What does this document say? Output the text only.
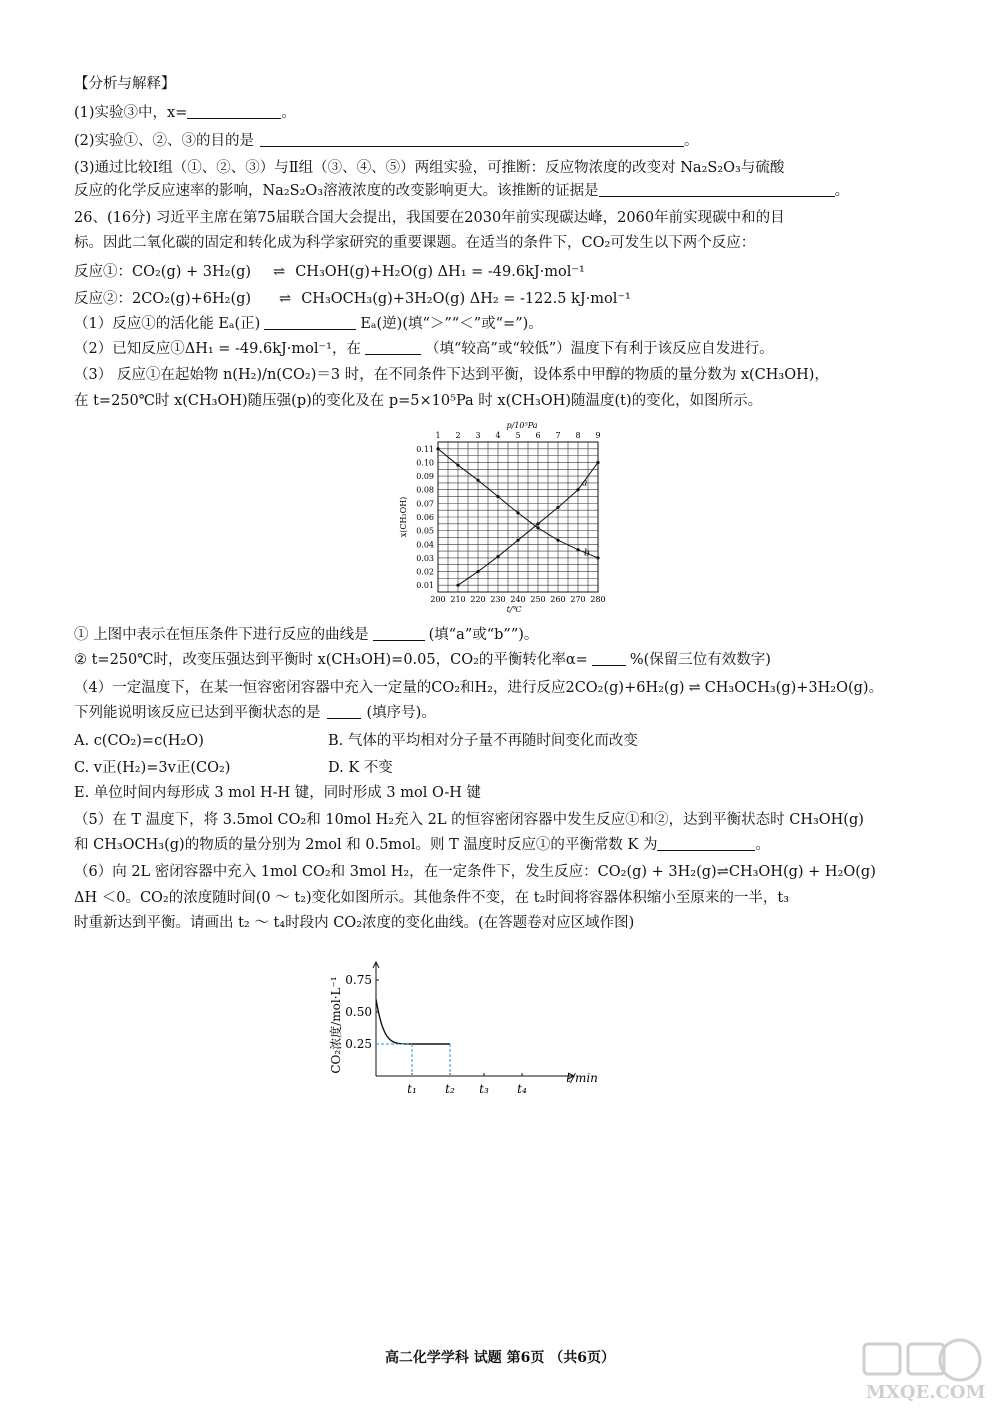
【分析与解释】
(1)实验③中，x=	。
(2)实验①、②、③的目的是	。
(3)通过比较Ⅰ组（①、②、③）与Ⅱ组（③、④、⑤）两组实验，可推断：反应物浓度的改变对 Na₂S₂O₃与硫酸
反应的化学反应速率的影响，Na₂S₂O₃溶液浓度的改变影响更大。该推断的证据是	。
26、(16分) 习近平主席在第75届联合国大会提出，我国要在2030年前实现碳达峰，2060年前实现碳中和的目
标。因此二氧化碳的固定和转化成为科学家研究的重要课题。在适当的条件下，CO₂可发生以下两个反应：
反应①：CO₂(g) + 3H₂(g) ⇌ CH₃OH(g)+H₂O(g) ΔH₁ = -49.6kJ·mol⁻¹
反应②：2CO₂(g)+6H₂(g) ⇌ CH₃OCH₃(g)+3H₂O(g) ΔH₂ = -122.5 kJ·mol⁻¹
（1）反应①的活化能 Eₐ(正)	Eₐ(逆)(填“＞”“＜”或“=”)。
（2）已知反应①ΔH₁ = -49.6kJ·mol⁻¹，在	（填“较高”或“较低”）温度下有利于该反应自发进行。
（3） 反应①在起始物 n(H₂)/n(CO₂)＝3 时，在不同条件下达到平衡，设体系中甲醇的物质的量分数为 x(CH₃OH)，
在 t=250℃时 x(CH₃OH)随压强(p)的变化及在 p=5×10⁵Pa 时 x(CH₃OH)随温度(t)的变化，如图所示。
0.01
0.02
0.03
0.04
0.05
0.06
0.07
0.08
0.09
0.10
0.11
200 210 220 230 240 250 260 270 280
1 2 3 4 5 6 7 8 9
p/10⁵Pa
t/℃
x(CH₃OH)
a
b
① 上图中表示在恒压条件下进行反应的曲线是	(填“a”或“b””)。
② t=250℃时，改变压强达到平衡时 x(CH₃OH)=0.05，CO₂的平衡转化率α=	%(保留三位有效数字)
（4）一定温度下，在某一恒容密闭容器中充入一定量的CO₂和H₂，进行反应2CO₂(g)+6H₂(g) ⇌ CH₃OCH₃(g)+3H₂O(g)。
下列能说明该反应已达到平衡状态的是	(填序号)。
A. c(CO₂)=c(H₂O)	B. 气体的平均相对分子量不再随时间变化而改变
C. v正(H₂)=3v正(CO₂)	D. K 不变
E. 单位时间内每形成 3 mol H-H 键，同时形成 3 mol O-H 键
（5）在 T 温度下，将 3.5mol CO₂和 10mol H₂充入 2L 的恒容密闭容器中发生反应①和②，达到平衡状态时 CH₃OH(g)
和 CH₃OCH₃(g)的物质的量分别为 2mol 和 0.5mol。则 T 温度时反应①的平衡常数 K 为	。
（6）向 2L 密闭容器中充入 1mol CO₂和 3mol H₂，在一定条件下，发生反应：CO₂(g) + 3H₂(g)⇌CH₃OH(g) + H₂O(g)
ΔH ＜0。CO₂的浓度随时间(0 ～ t₂)变化如图所示。其他条件不变，在 t₂时间将容器体积缩小至原来的一半，t₃
时重新达到平衡。请画出 t₂ ～ t₄时段内 CO₂浓度的变化曲线。(在答题卷对应区域作图)
0.25
0.50
0.75
t₁ t₂ t₃ t₄
t/min
CO₂浓度/mol·L⁻¹
高二化学学科 试题 第6页 （共6页）
MXQE.COM
